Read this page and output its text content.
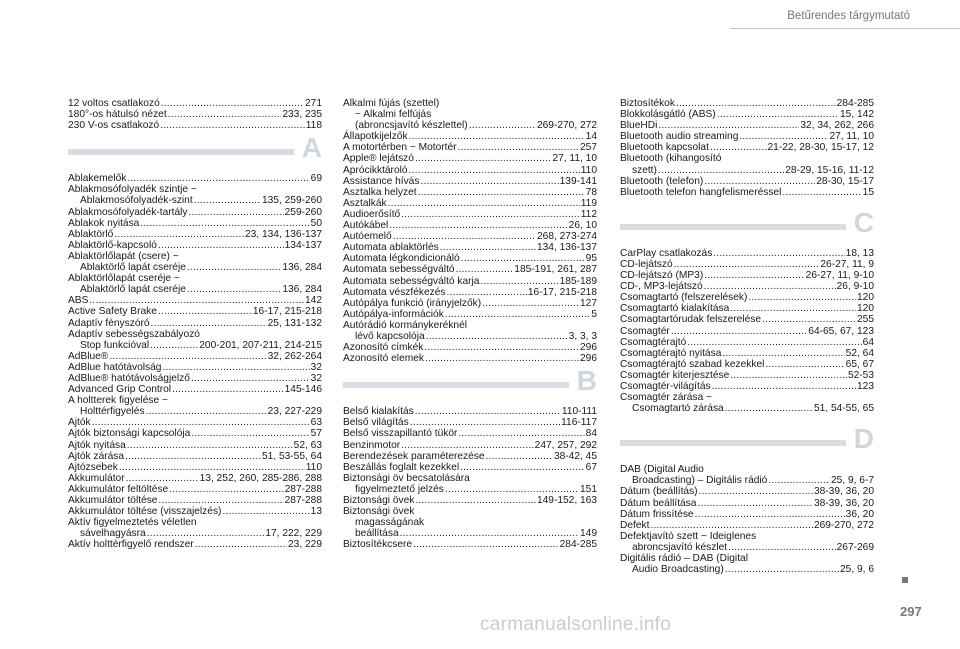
Betűrendes tárgymutató
12 voltos csatlakozó .....	271
180°-os hátulsó nézet .....	233, 235
230 V-os csatlakozó .....	118
A
Ablakemelők .....	69
Ablakmosófolyadék szintje ~
Ablakmosófolyadék-szint .....	135, 259-260
Ablakmosófolyadék-tartály .....	259-260
Ablakok nyitása .....	50
Ablaktörlő .....	23, 134, 136-137
Ablaktörlő-kapcsoló .....	134-137
Ablaktörlőlapát (csere) ~
Ablaktörlő lapát cseréje .....	136, 284
Ablaktörlőlapát cseréje ~
Ablaktörlő lapát cseréje .....	136, 284
ABS .....	142
Active Safety Brake .....	16-17, 215-218
Adaptív fényszóró .....	25, 131-132
Adaptív sebességszabályozó
Stop funkcióval .....	200-201, 207-211, 214-215
AdBlue® .....	32, 262-264
AdBlue hatótávolság .....	32
AdBlue® hatótávolságjelző .....	32
Advanced Grip Control .....	145-146
A holtterek figyelése ~
Holttérfigyelés .....	23, 227-229
Ajtók .....	63
Ajtók biztonsági kapcsolója .....	57
Ajtók nyitása .....	52, 63
Ajtók zárása .....	51, 53-55, 64
Ajtózsebek .....	110
Akkumulátor .....	13, 252, 260, 285-286, 288
Akkumulátor feltöltése .....	287-288
Akkumulátor töltése .....	287-288
Akkumulátor töltése (visszajelzés) .....	13
Aktív figyelmeztetés véletlen
sávelhagyásra .....	17, 222, 229
Aktív holttérfigyelő rendszer .....	23, 229
Alkalmi fújás (szettel)
~ Alkalmi felfújás
(abroncsjavító készlettel) .....	269-270, 272
Állapotkijelzők .....	14
A motortérben ~ Motortér .....	257
Apple® lejátszó .....	27, 11, 10
Aprócikktároló .....	110
Assistance hívás .....	139-141
Asztalka helyzet .....	78
Asztalkák .....	119
Audioerősítő .....	112
Autókábel .....	26, 10
Autóemelő .....	268, 273-274
Automata ablaktörlés .....	134, 136-137
Automata légkondicionáló .....	95
Automata sebességváltó .....	185-191, 261, 287
Automata sebességváltó karja .....	185-189
Automata vészfékezés .....	16-17, 215-218
Autópálya funkció (irányjelzők) .....	127
Autópálya-információk .....	5
Autórádió kormánykeréknél
lévő kapcsolója .....	3, 3, 3
Azonosító címkék .....	296
Azonosító elemek .....	296
B
Belső kialakítás .....	110-111
Belső világítás .....	116-117
Belső visszapillantó tükör .....	84
Benzinmotor .....	247, 257, 292
Berendezések paraméterezése .....	38-42, 45
Beszállás foglalt kezekkel .....	67
Biztonsági öv becsatolására
figyelmeztető jelzés .....	151
Biztonsági övek .....	149-152, 163
Biztonsági övek
magasságának
beállítása .....	149
Biztosítékcsere .....	284-285
Biztosítékok .....	284-285
Blokkolásgátló (ABS) .....	15, 142
BlueHDi .....	32, 34, 262, 266
Bluetooth audio streaming .....	27, 11, 10
Bluetooth kapcsolat .....	21-22, 28-30, 15-17, 12
Bluetooth (kihangosító
szett) .....	28-29, 15-16, 11-12
Bluetooth (telefon) .....	28-30, 15-17
Bluetooth telefon hangfelismeréssel .....	15
C
CarPlay csatlakozás .....	18, 13
CD-lejátszó .....	26-27, 11, 9
CD-lejátszó (MP3) .....	26-27, 11, 9-10
CD-, MP3-lejátszó .....	26, 9-10
Csomagtartó (felszerelések) .....	120
Csomagtartó kialakítása .....	120
Csomagtartórudak felszerelése .....	255
Csomagtér .....	64-65, 67, 123
Csomagtérajtó .....	64
Csomagtérajtó nyitása .....	52, 64
Csomagtérajtó szabad kezekkel .....	65, 67
Csomagtér kiterjesztése .....	52-53
Csomagtér-világítás .....	123
Csomagtér zárása ~
Csomagtartó zárása .....	51, 54-55, 65
D
DAB (Digital Audio
Broadcasting) – Digitális rádió .....	25, 9, 6-7
Dátum (beállítás) .....	38-39, 36, 20
Dátum beállítása .....	38-39, 36, 20
Dátum frissítése .....	36, 20
Defekt .....	269-270, 272
Defektjavító szett ~ Ideiglenes
abroncsjavító készlet .....	267-269
Digitális rádió – DAB (Digital
Audio Broadcasting) .....	25, 9, 6
297
carmanualsonline.info
